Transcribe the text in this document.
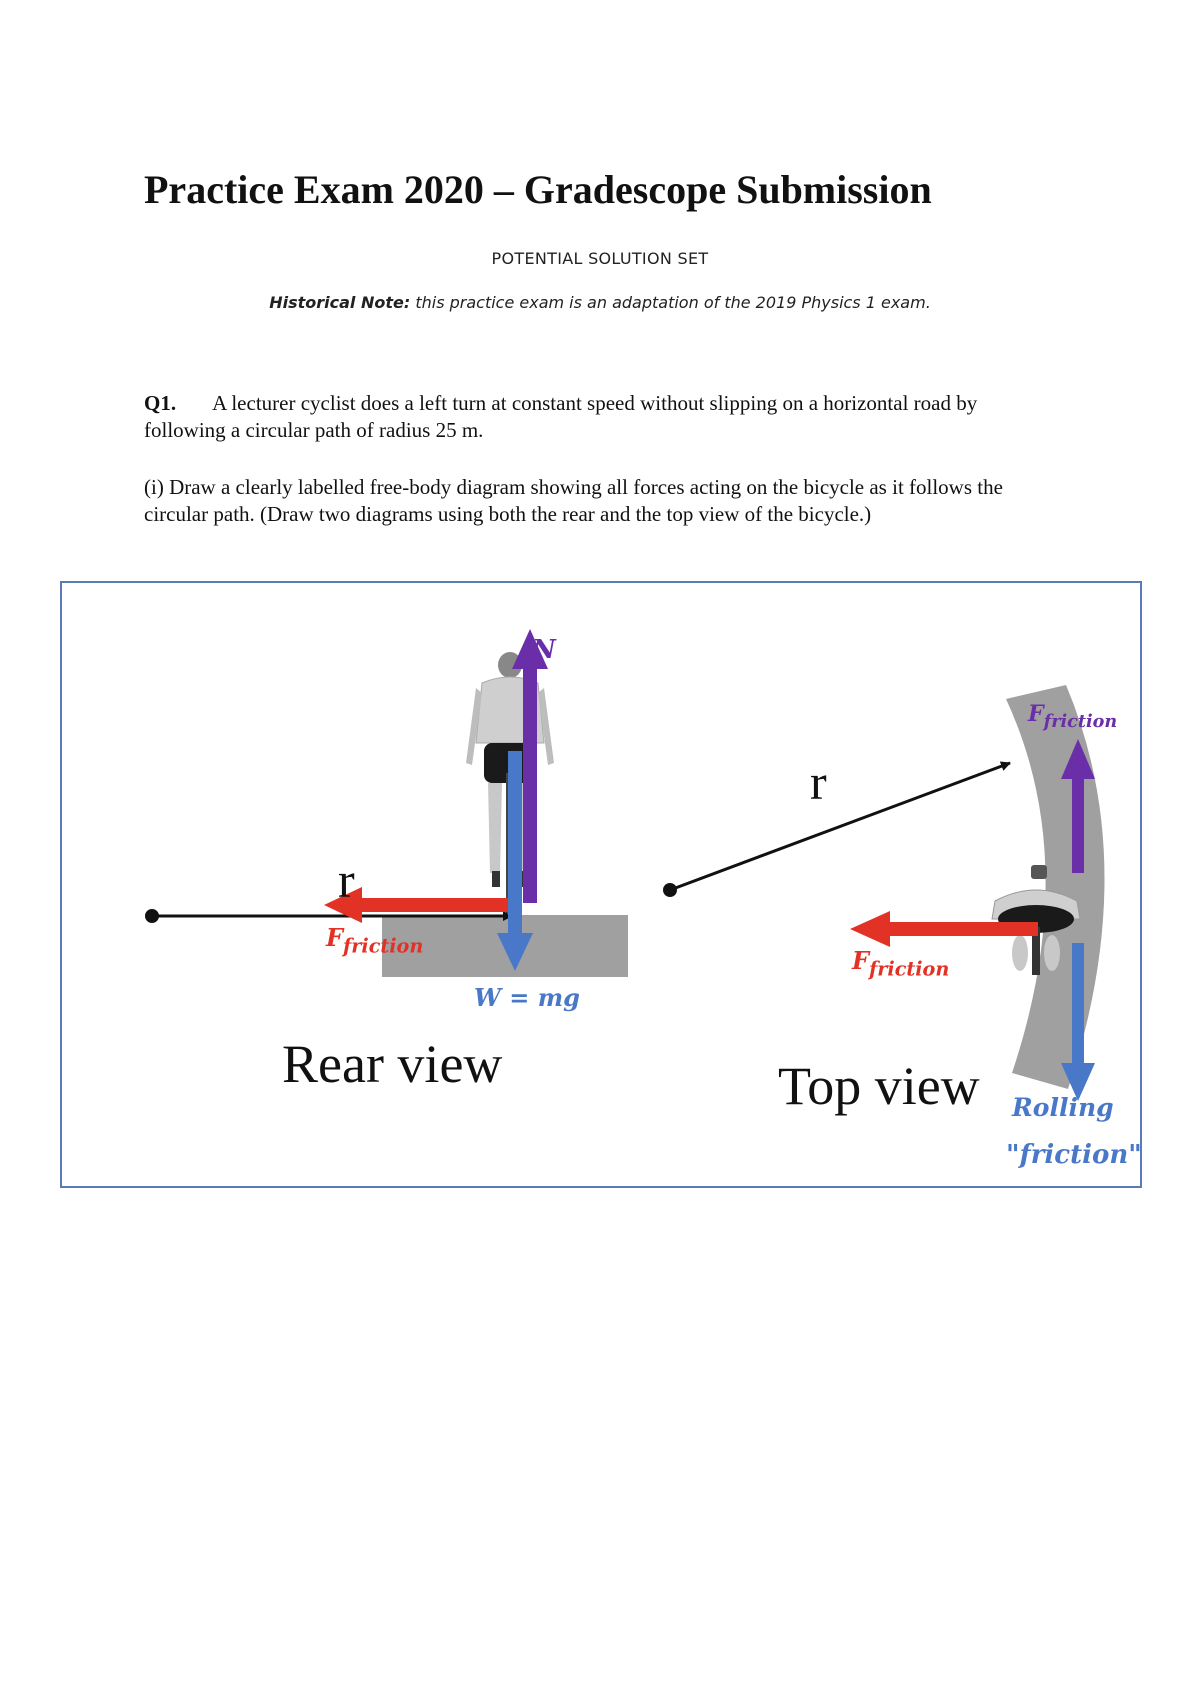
Practice Exam 2020 – Gradescope Submission
POTENTIAL SOLUTION SET
Historical Note: this practice exam is an adaptation of the 2019 Physics 1 exam.
Q1. A lecturer cyclist does a left turn at constant speed without slipping on a horizontal road by following a circular path of radius 25 m.
(i) Draw a clearly labelled free-body diagram showing all forces acting on the bicycle as it follows the circular path. (Draw two diagrams using both the rear and the top view of the bicycle.)
N
r
$F_{friction}$
W = mg
Rear view
r
$F_{friction}$
$F_{friction}$
Top view Rolling
"friction"
